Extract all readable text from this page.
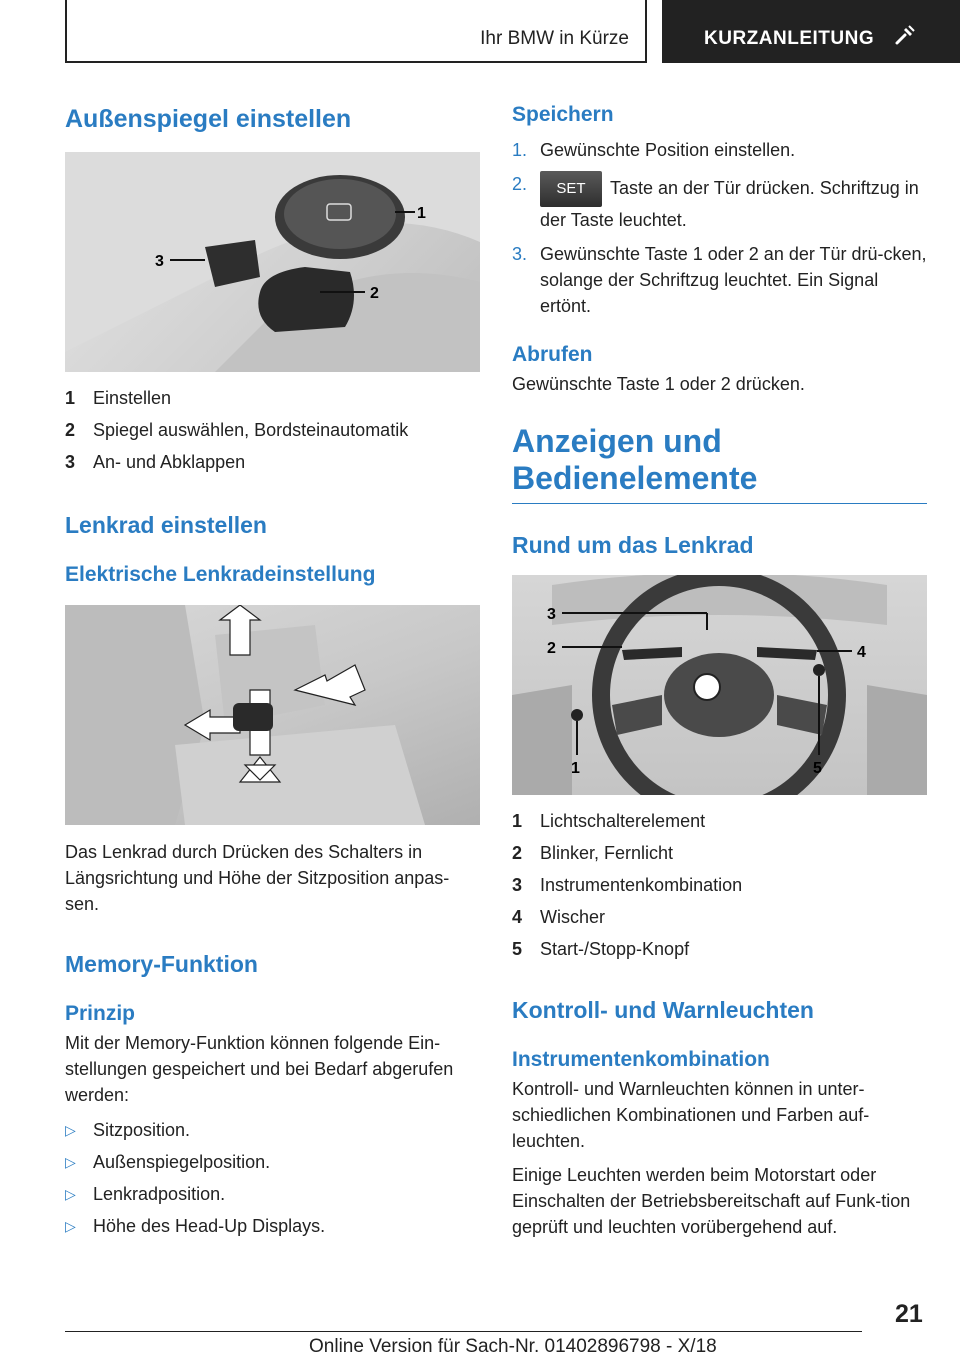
Ihr BMW in Kürze	KURZANLEITUNG
Außenspiegel einstellen
1
3
2
1 Einstellen
2 Spiegel auswählen, Bordsteinautomatik
3 An- und Abklappen
Lenkrad einstellen
Elektrische Lenkradeinstellung

Das Lenkrad durch Drücken des Schalters in Längsrichtung und Höhe der Sitzposition anpas-sen.

Memory-Funktion
Prinzip

Mit der Memory-Funktion können folgende Ein-stellungen gespeichert und bei Bedarf abgerufen werden:

▷ Sitzposition.
▷ Außenspiegelposition.
▷ Lenkradposition.
▷ Höhe des Head-Up Displays.
Speichern
1. Gewünschte Position einstellen.
2. SET Taste an der Tür drücken. Schriftzug in der Taste leuchtet.
3. Gewünschte Taste 1 oder 2 an der Tür drü-cken, solange der Schriftzug leuchtet. Ein Signal ertönt.
Abrufen

Gewünschte Taste 1 oder 2 drücken.

Anzeigen und
Bedienelemente
Rund um das Lenkrad
3
2	4
1	5
1 Lichtschalterelement
2 Blinker, Fernlicht
3 Instrumentenkombination
4 Wischer
5 Start-/Stopp-Knopf
Kontroll- und Warnleuchten
Instrumentenkombination

Kontroll- und Warnleuchten können in unter-schiedlichen Kombinationen und Farben auf-leuchten.

Einige Leuchten werden beim Motorstart oder Einschalten der Betriebsbereitschaft auf Funk-tion geprüft und leuchten vorübergehend auf.

21
Online Version für Sach-Nr. 01402896798 - X/18
